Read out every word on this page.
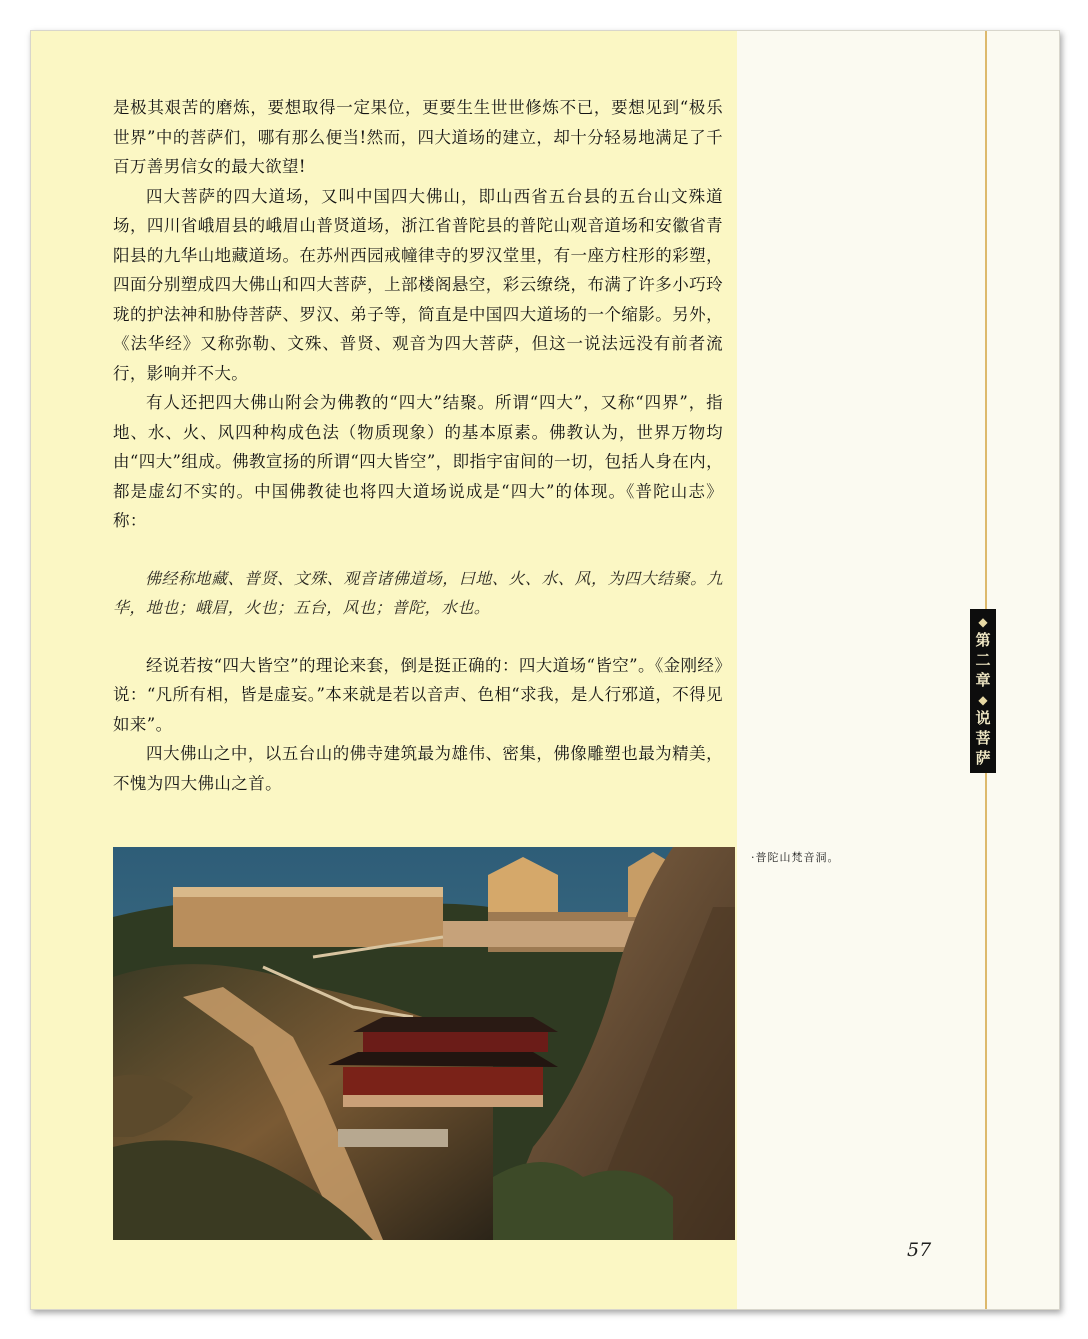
是极其艰苦的磨炼，要想取得一定果位，更要生生世世修炼不已，要想见到“极乐世界”中的菩萨们，哪有那么便当!然而，四大道场的建立，却十分轻易地满足了千百万善男信女的最大欲望!

四大菩萨的四大道场，又叫中国四大佛山，即山西省五台县的五台山文殊道场，四川省峨眉县的峨眉山普贤道场，浙江省普陀县的普陀山观音道场和安徽省青阳县的九华山地藏道场。在苏州西园戒幢律寺的罗汉堂里，有一座方柱形的彩塑，四面分别塑成四大佛山和四大菩萨，上部楼阁悬空，彩云缭绕，布满了许多小巧玲珑的护法神和胁侍菩萨、罗汉、弟子等，简直是中国四大道场的一个缩影。另外，《法华经》又称弥勒、文殊、普贤、观音为四大菩萨，但这一说法远没有前者流行，影响并不大。

有人还把四大佛山附会为佛教的“四大”结聚。所谓“四大”，又称“四界”，指地、水、火、风四种构成色法（物质现象）的基本原素。佛教认为，世界万物均由“四大”组成。佛教宣扬的所谓“四大皆空”，即指宇宙间的一切，包括人身在内，都是虚幻不实的。中国佛教徒也将四大道场说成是“四大”的体现。《普陀山志》称：

佛经称地藏、普贤、文殊、观音诸佛道场，曰地、火、水、风，为四大结聚。九华，地也；峨眉，火也；五台，风也；普陀，水也。

经说若按“四大皆空”的理论来套，倒是挺正确的：四大道场“皆空”。《金刚经》说：“凡所有相，皆是虚妄。”本来就是若以音声、色相“求我，是人行邪道，不得见如来”。

四大佛山之中，以五台山的佛寺建筑最为雄伟、密集，佛像雕塑也最为精美，不愧为四大佛山之首。

◆
第
二
章
◆
说
菩
萨
·普陀山梵音洞。
57
